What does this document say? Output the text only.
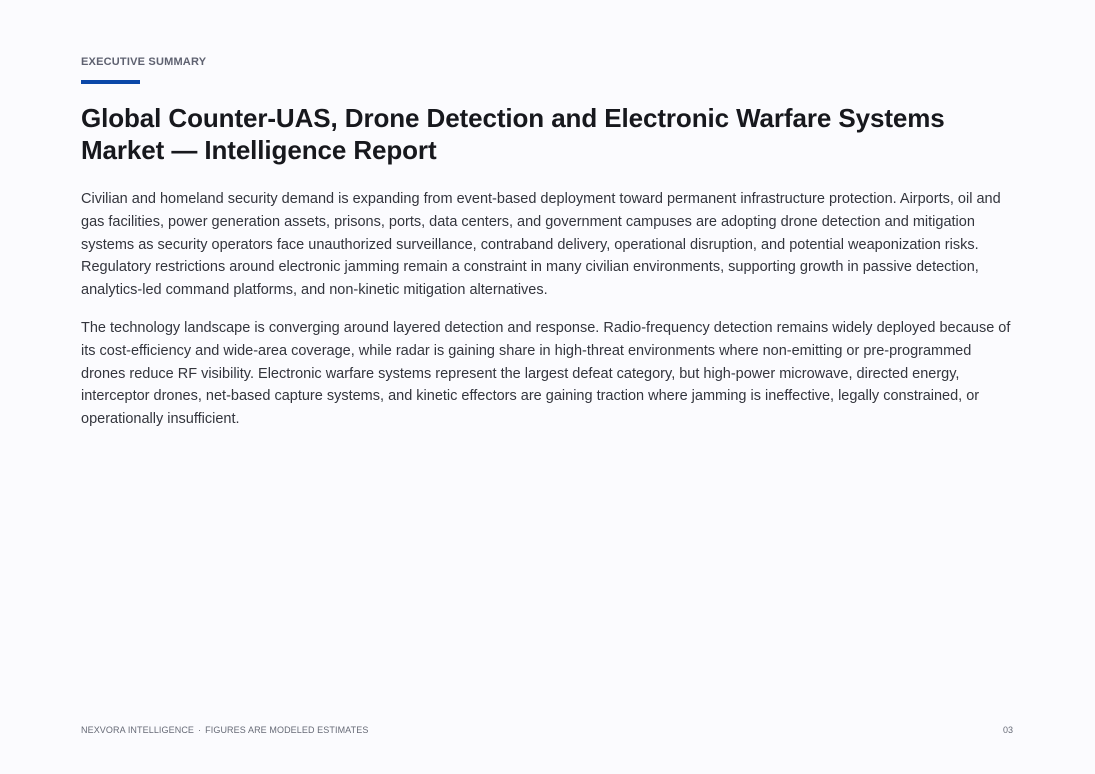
EXECUTIVE SUMMARY
Global Counter-UAS, Drone Detection and Electronic Warfare Systems Market — Intelligence Report

Civilian and homeland security demand is expanding from event-based deployment toward permanent infrastructure protection. Airports, oil and gas facilities, power generation assets, prisons, ports, data centers, and government campuses are adopting drone detection and mitigation systems as security operators face unauthorized surveillance, contraband delivery, operational disruption, and potential weaponization risks. Regulatory restrictions around electronic jamming remain a constraint in many civilian environments, supporting growth in passive detection, analytics-led command platforms, and non-kinetic mitigation alternatives.

The technology landscape is converging around layered detection and response. Radio-frequency detection remains widely deployed because of its cost-efficiency and wide-area coverage, while radar is gaining share in high-threat environments where non-emitting or pre-programmed drones reduce RF visibility. Electronic warfare systems represent the largest defeat category, but high-power microwave, directed energy, interceptor drones, net-based capture systems, and kinetic effectors are gaining traction where jamming is ineffective, legally constrained, or operationally insufficient.

NEXVORA INTELLIGENCE · FIGURES ARE MODELED ESTIMATES	03
